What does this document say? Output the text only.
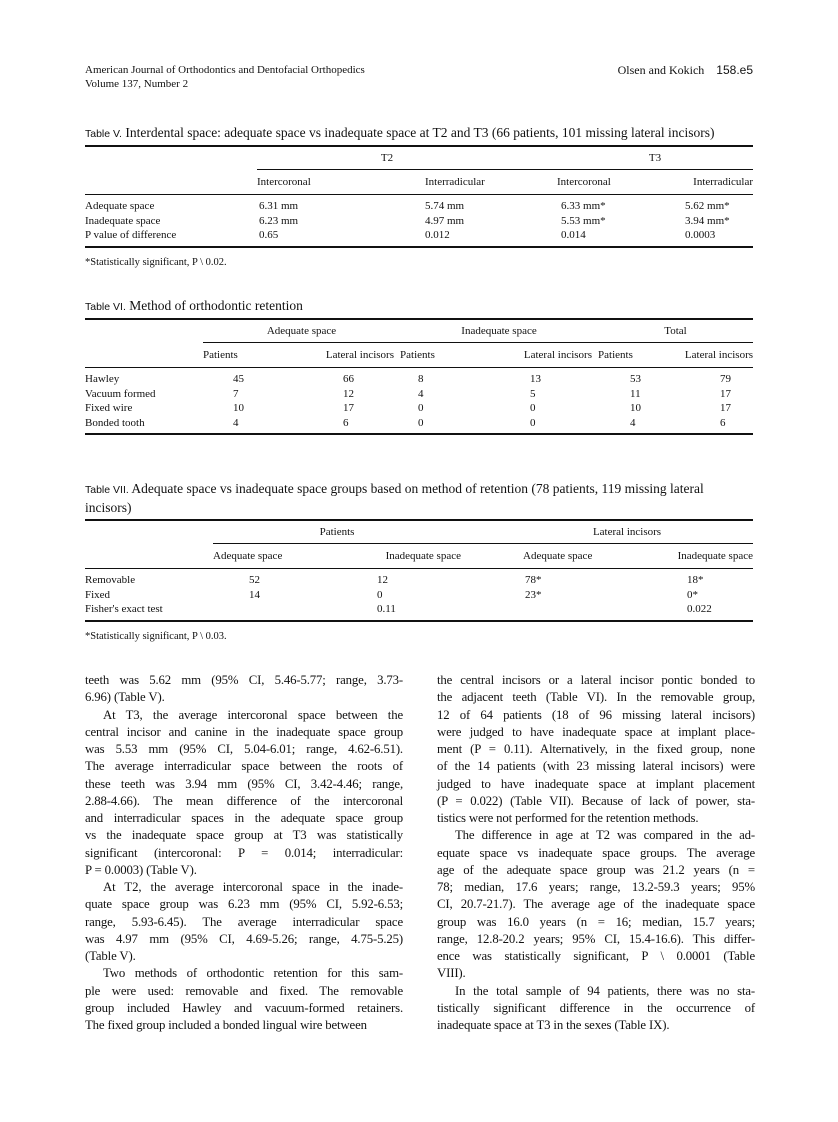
American Journal of Orthodontics and Dentofacial Orthopedics
Volume 137, Number 2
Olsen and Kokich 158.e5
Table V. Interdental space: adequate space vs inadequate space at T2 and T3 (66 patients, 101 missing lateral incisors)
	T2		T3	
	Intercoronal	Interradicular	Intercoronal	Interradicular
Adequate space	6.31 mm	5.74 mm	6.33 mm*	5.62 mm*
Inadequate space	6.23 mm	4.97 mm	5.53 mm*	3.94 mm*
P value of difference	0.65	0.012	0.014	0.0003
*Statistically significant, P \ 0.02.
Table VI. Method of orthodontic retention
	Adequate space		Inadequate space		Total	
	Patients	Lateral incisors	Patients	Lateral incisors	Patients	Lateral incisors
Hawley	45	66	8	13	53	79
Vacuum formed	7	12	4	5	11	17
Fixed wire	10	17	0	0	10	17
Bonded tooth	4	6	0	0	4	6
Table VII. Adequate space vs inadequate space groups based on method of retention (78 patients, 119 missing lateral incisors)
	Patients		Lateral incisors	
	Adequate space	Inadequate space	Adequate space	Inadequate space
Removable	52	12	78*	18*
Fixed	14	0	23*	0*
Fisher's exact test		0.11		0.022
*Statistically significant, P \ 0.03.
teeth was 5.62 mm (95% CI, 5.46-5.77; range, 3.73-
6.96) (Table V).
At T3, the average intercoronal space between the
central incisor and canine in the inadequate space group
was 5.53 mm (95% CI, 5.04-6.01; range, 4.62-6.51).
The average interradicular space between the roots of
these teeth was 3.94 mm (95% CI, 3.42-4.46; range,
2.88-4.66). The mean difference of the intercoronal
and interradicular spaces in the adequate space group
vs the inadequate space group at T3 was statistically
significant (intercoronal: P = 0.014; interradicular:
P = 0.0003) (Table V).
At T2, the average intercoronal space in the inade-
quate space group was 6.23 mm (95% CI, 5.92-6.53;
range, 5.93-6.45). The average interradicular space
was 4.97 mm (95% CI, 4.69-5.26; range, 4.75-5.25)
(Table V).
Two methods of orthodontic retention for this sam-
ple were used: removable and fixed. The removable
group included Hawley and vacuum-formed retainers.
The fixed group included a bonded lingual wire between
the central incisors or a lateral incisor pontic bonded to
the adjacent teeth (Table VI). In the removable group,
12 of 64 patients (18 of 96 missing lateral incisors)
were judged to have inadequate space at implant place-
ment (P = 0.11). Alternatively, in the fixed group, none
of the 14 patients (with 23 missing lateral incisors) were
judged to have inadequate space at implant placement
(P = 0.022) (Table VII). Because of lack of power, sta-
tistics were not performed for the retention methods.
The difference in age at T2 was compared in the ad-
equate space vs inadequate space groups. The average
age of the adequate space group was 21.2 years (n =
78; median, 17.6 years; range, 13.2-59.3 years; 95%
CI, 20.7-21.7). The average age of the inadequate space
group was 16.0 years (n = 16; median, 15.7 years;
range, 12.8-20.2 years; 95% CI, 15.4-16.6). This differ-
ence was statistically significant, P \ 0.0001 (Table
VIII).
In the total sample of 94 patients, there was no sta-
tistically significant difference in the occurrence of
inadequate space at T3 in the sexes (Table IX).
